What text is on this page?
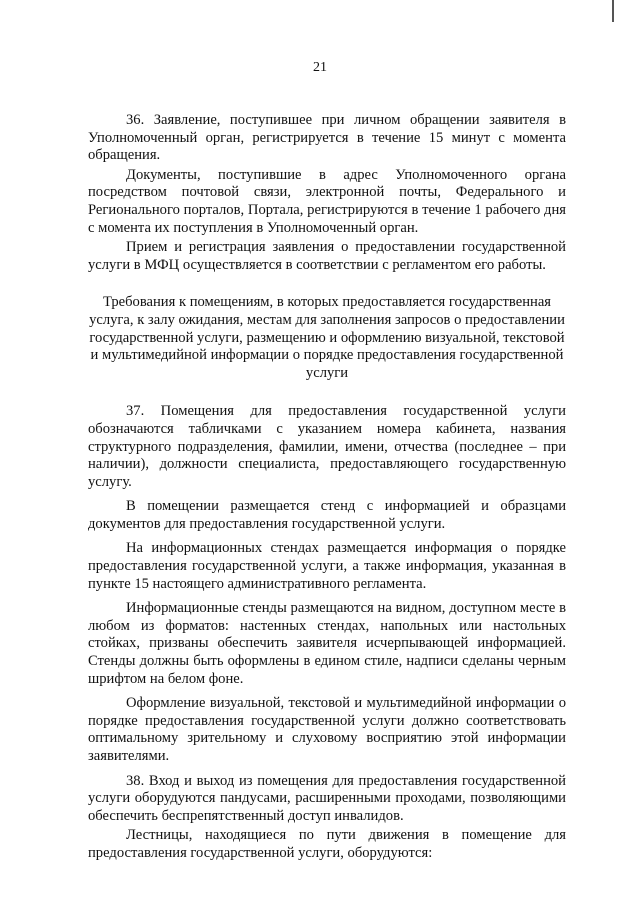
21

36. Заявление, поступившее при личном обращении заявителя в Уполномоченный орган, регистрируется в течение 15 минут с момента обращения.

Документы, поступившие в адрес Уполномоченного органа посредством почтовой связи, электронной почты, Федерального и Регионального порталов, Портала, регистрируются в течение 1 рабочего дня с момента их поступления в Уполномоченный орган.

Прием и регистрация заявления о предоставлении государственной услуги в МФЦ осуществляется в соответствии с регламентом его работы.

Требования к помещениям, в которых предоставляется государственная услуга, к залу ожидания, местам для заполнения запросов о предоставлении государственной услуги, размещению и оформлению визуальной, текстовой и мультимедийной информации о порядке предоставления государственной услуги

37. Помещения для предоставления государственной услуги обозначаются табличками с указанием номера кабинета, названия структурного подразделения, фамилии, имени, отчества (последнее – при наличии), должности специалиста, предоставляющего государственную услугу.

В помещении размещается стенд с информацией и образцами документов для предоставления государственной услуги.

На информационных стендах размещается информация о порядке предоставления государственной услуги, а также информация, указанная в пункте 15 настоящего административного регламента.

Информационные стенды размещаются на видном, доступном месте в любом из форматов: настенных стендах, напольных или настольных стойках, призваны обеспечить заявителя исчерпывающей информацией. Стенды должны быть оформлены в едином стиле, надписи сделаны черным шрифтом на белом фоне.

Оформление визуальной, текстовой и мультимедийной информации о порядке предоставления государственной услуги должно соответствовать оптимальному зрительному и слуховому восприятию этой информации заявителями.

38. Вход и выход из помещения для предоставления государственной услуги оборудуются пандусами, расширенными проходами, позволяющими обеспечить беспрепятственный доступ инвалидов.

Лестницы, находящиеся по пути движения в помещение для предоставления государственной услуги, оборудуются:
